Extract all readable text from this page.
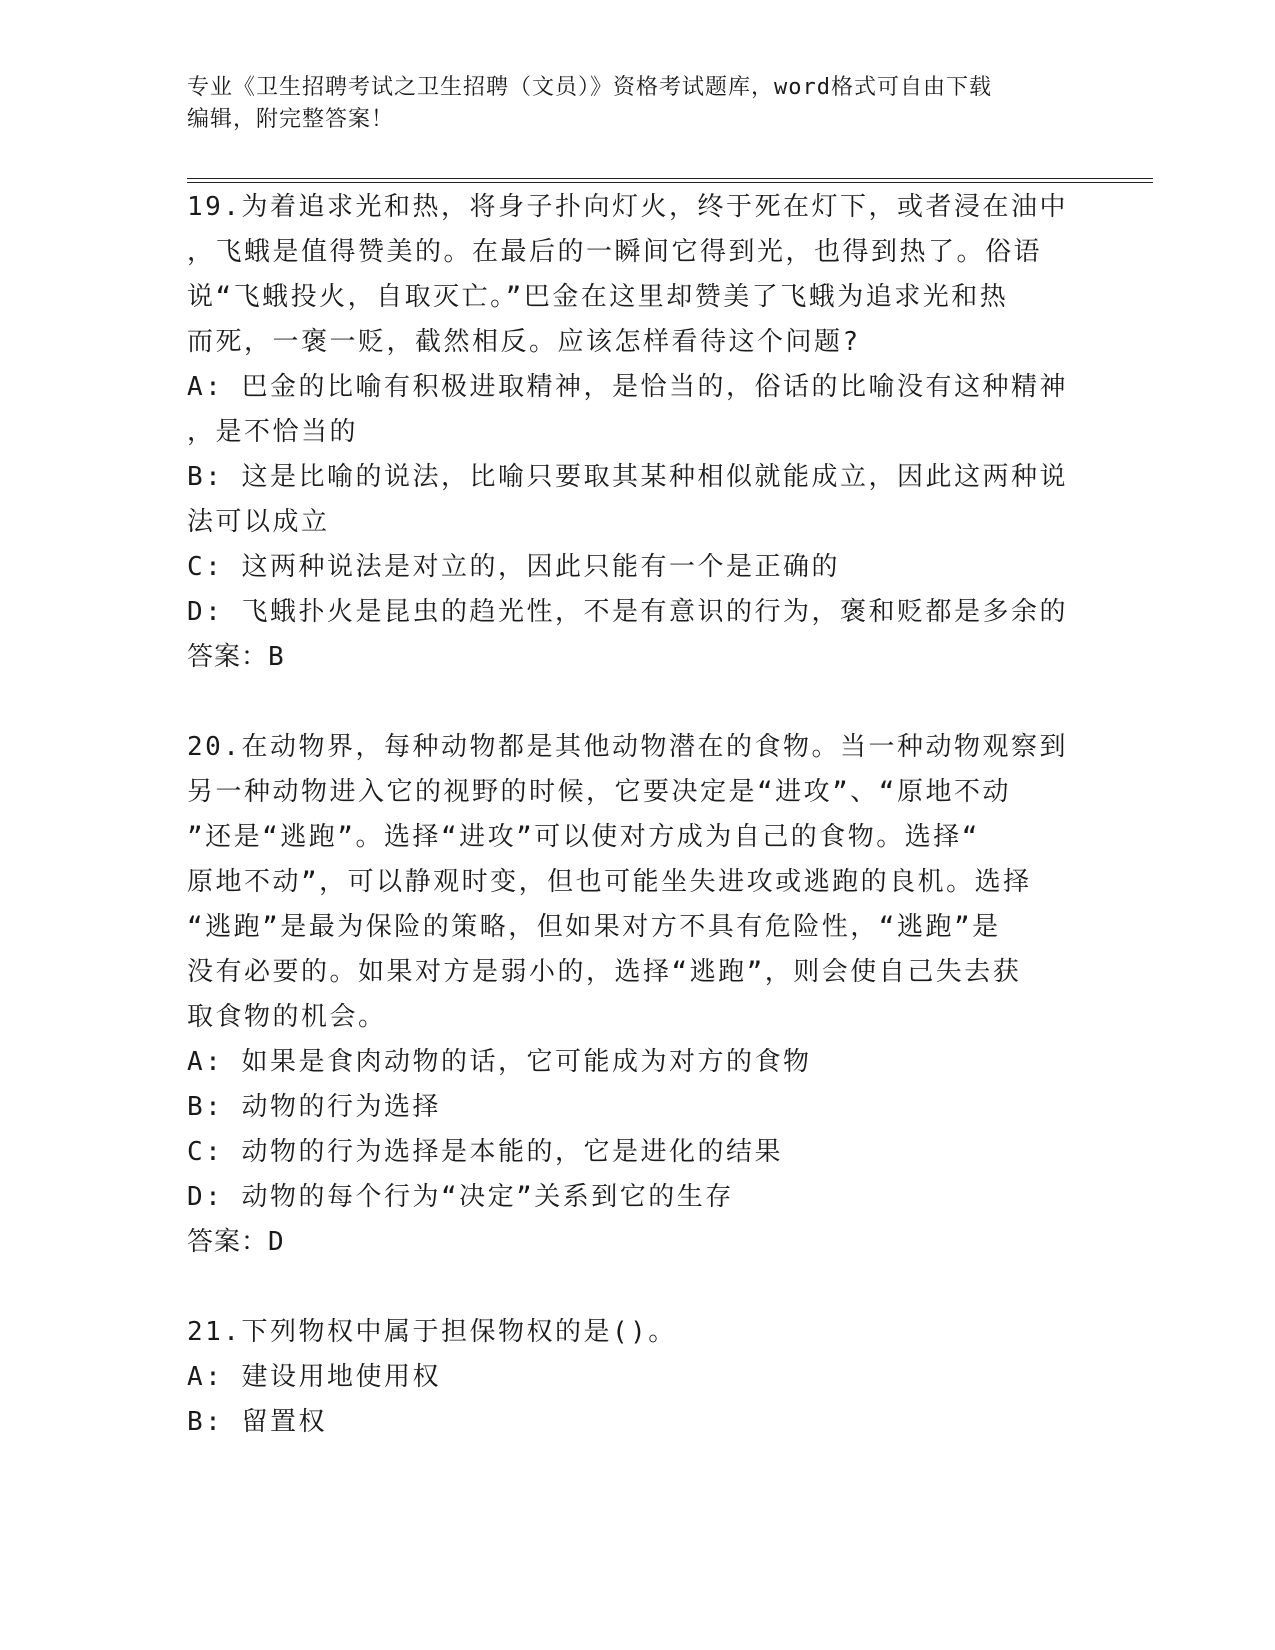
专业《卫生招聘考试之卫生招聘（文员）》资格考试题库，word格式可自由下载
编辑，附完整答案！

19.为着追求光和热，将身子扑向灯火，终于死在灯下，或者浸在油中

，飞蛾是值得赞美的。在最后的一瞬间它得到光，也得到热了。俗语

说“飞蛾投火，自取灭亡。”巴金在这里却赞美了飞蛾为追求光和热

而死，一褒一贬，截然相反。应该怎样看待这个问题?

A: 巴金的比喻有积极进取精神，是恰当的，俗话的比喻没有这种精神

，是不恰当的

B: 这是比喻的说法，比喻只要取其某种相似就能成立，因此这两种说

法可以成立

C: 这两种说法是对立的，因此只能有一个是正确的

D: 飞蛾扑火是昆虫的趋光性，不是有意识的行为，褒和贬都是多余的

答案：B

20.在动物界，每种动物都是其他动物潜在的食物。当一种动物观察到

另一种动物进入它的视野的时候，它要决定是“进攻”、“原地不动

”还是“逃跑”。选择“进攻”可以使对方成为自己的食物。选择“

原地不动”，可以静观时变，但也可能坐失进攻或逃跑的良机。选择

“逃跑”是最为保险的策略，但如果对方不具有危险性，“逃跑”是

没有必要的。如果对方是弱小的，选择“逃跑”，则会使自己失去获

取食物的机会。

A: 如果是食肉动物的话，它可能成为对方的食物

B: 动物的行为选择

C: 动物的行为选择是本能的，它是进化的结果

D: 动物的每个行为“决定”关系到它的生存

答案：D

21.下列物权中属于担保物权的是()。

A: 建设用地使用权

B: 留置权
